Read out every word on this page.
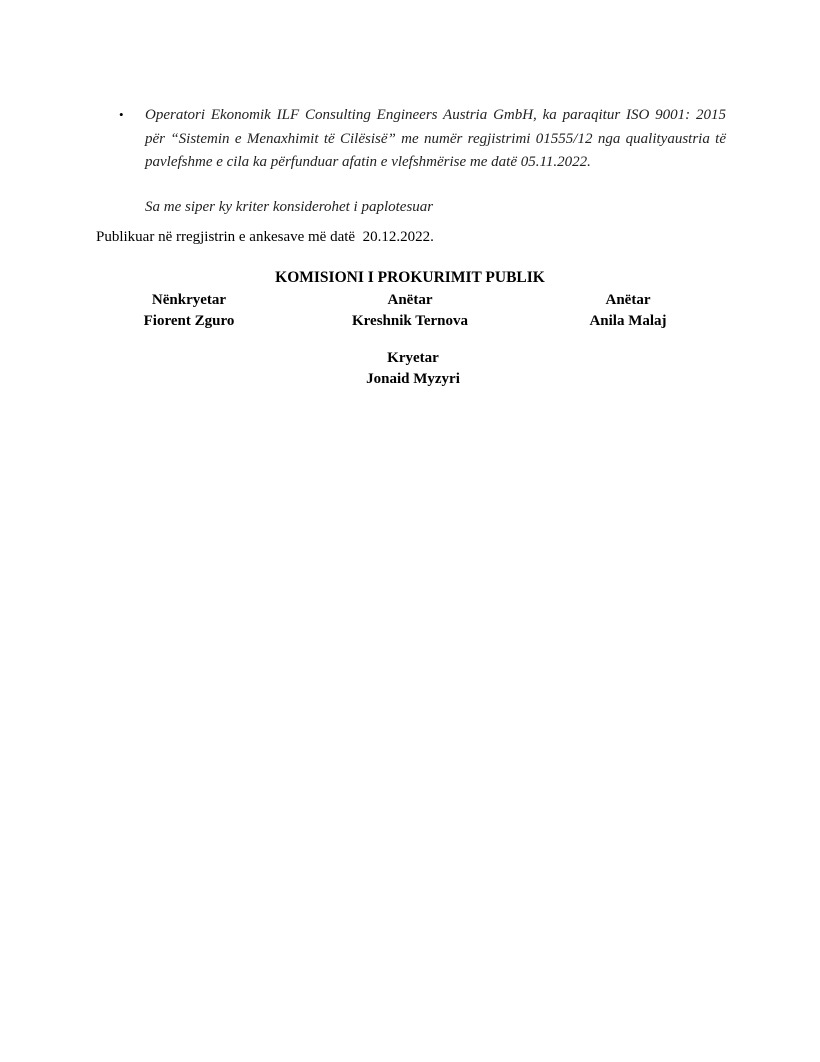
• Operatori Ekonomik ILF Consulting Engineers Austria GmbH, ka paraqitur ISO 9001: 2015 për “Sistemin e Menaxhimit të Cilësisë” me numër regjistrimi 01555/12 nga qualityaustria të pavlefshme e cila ka përfunduar afatin e vlefshmërise me datë 05.11.2022.
Sa me siper ky kriter konsiderohet i paplotesuar
Publikuar në rregjistrin e ankesave më datë  20.12.2022.
KOMISIONI I PROKURIMIT PUBLIK
Nënkryetar
Fiorent Zguro
Anëtar
Kreshnik Ternova
Anëtar
Anila Malaj
Kryetar
Jonaid Myzyri
